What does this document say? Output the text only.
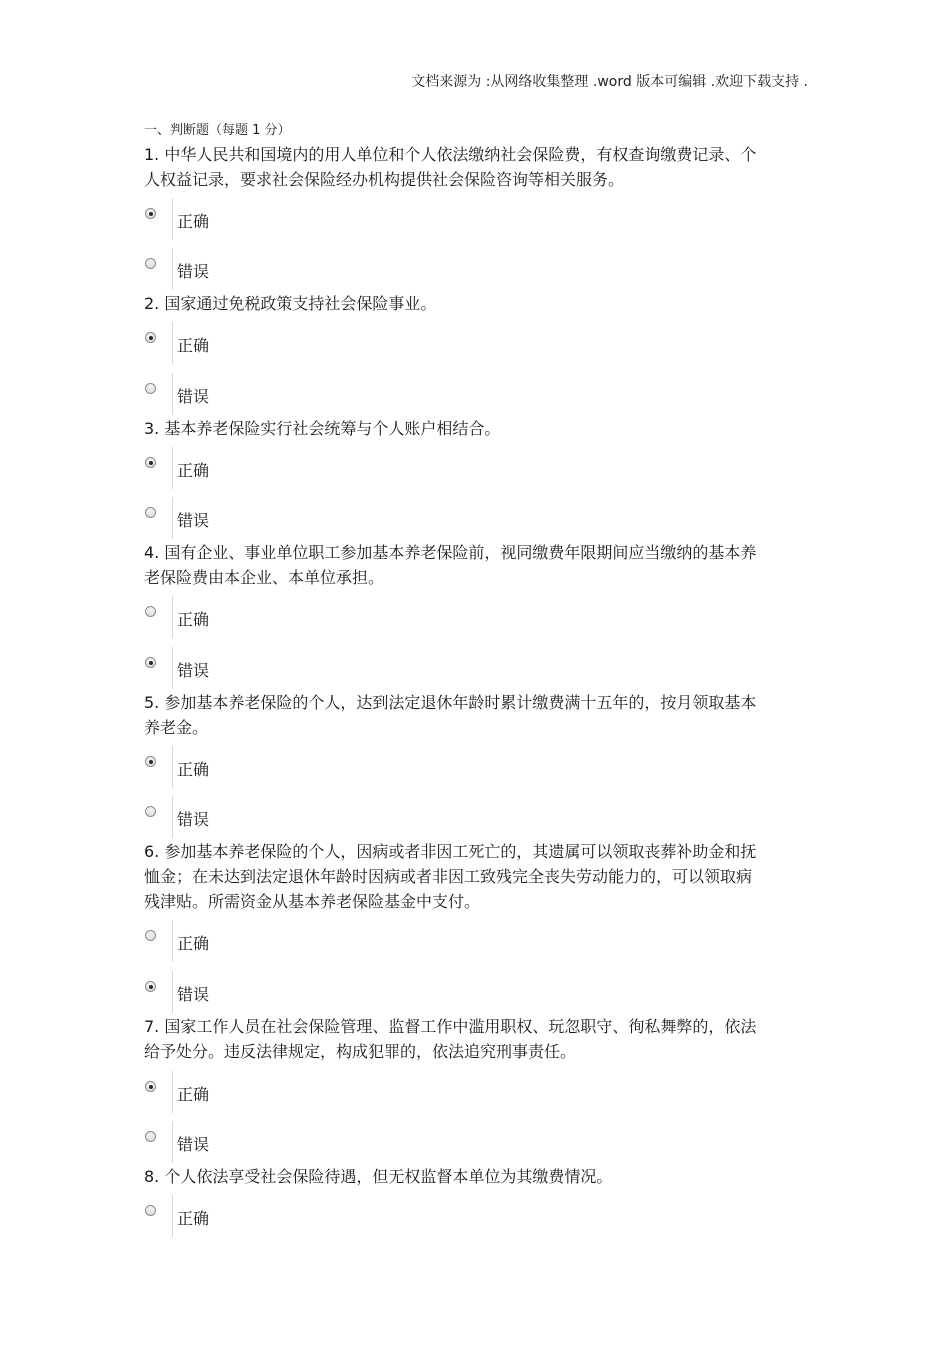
文档来源为 :从网络收集整理 .word 版本可编辑 .欢迎下载支持 .
一、判断题（每题 1 分）
1. 中华人民共和国境内的用人单位和个人依法缴纳社会保险费，有权查询缴费记录、个人权益记录，要求社会保险经办机构提供社会保险咨询等相关服务。
正确
错误
2. 国家通过免税政策支持社会保险事业。
正确
错误
3. 基本养老保险实行社会统筹与个人账户相结合。
正确
错误
4. 国有企业、事业单位职工参加基本养老保险前，视同缴费年限期间应当缴纳的基本养老保险费由本企业、本单位承担。
正确
错误
5. 参加基本养老保险的个人，达到法定退休年龄时累计缴费满十五年的，按月领取基本养老金。
正确
错误
6. 参加基本养老保险的个人，因病或者非因工死亡的，其遗属可以领取丧葬补助金和抚恤金；在未达到法定退休年龄时因病或者非因工致残完全丧失劳动能力的，可以领取病残津贴。所需资金从基本养老保险基金中支付。
正确
错误
7. 国家工作人员在社会保险管理、监督工作中滥用职权、玩忽职守、徇私舞弊的，依法给予处分。违反法律规定，构成犯罪的，依法追究刑事责任。
正确
错误
8. 个人依法享受社会保险待遇，但无权监督本单位为其缴费情况。
正确
